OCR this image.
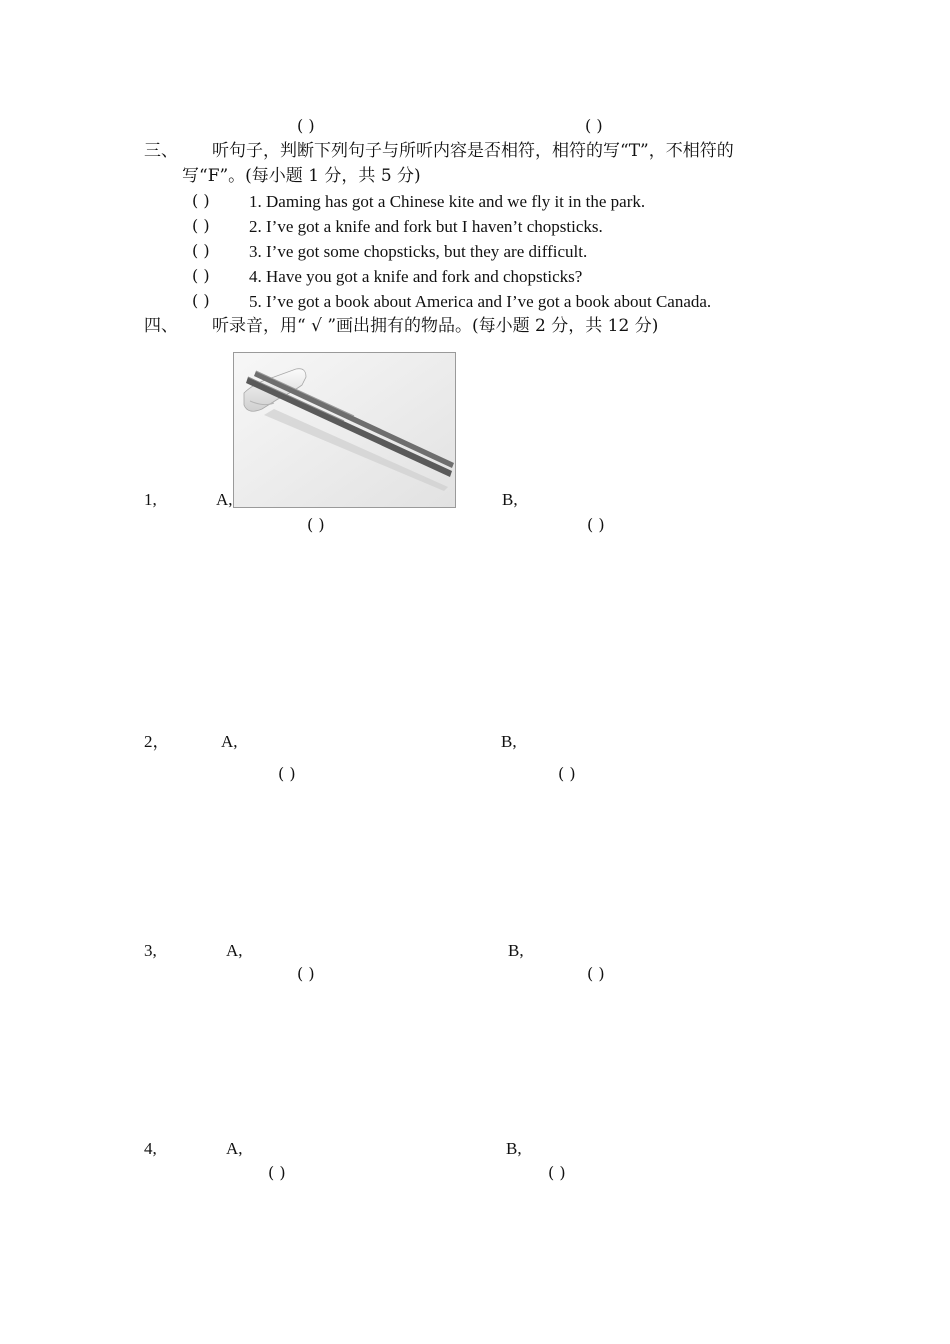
( )	( )
三、 听句子，判断下列句子与所听内容是否相符，相符的写“T”，不相符的
写“F”。(每小题 1 分，共 5 分)
( ) 1. Daming has got a Chinese kite and we fly it in the park.
( ) 2. I’ve got a knife and fork but I haven’t chopsticks.
( ) 3. I’ve got some chopsticks, but they are difficult.
( ) 4. Have you got a knife and fork and chopsticks?
( ) 5. I’ve got a book about America and I’ve got a book about Canada.
四、 听录音，用“ √ ”画出拥有的物品。(每小题 2 分，共 12 分)
1,	A,	B,
( )	( )
2，	A,	B,
( )	( )
3,	A,	B,
( )	( )
4,	A,	B,
( )	( )
